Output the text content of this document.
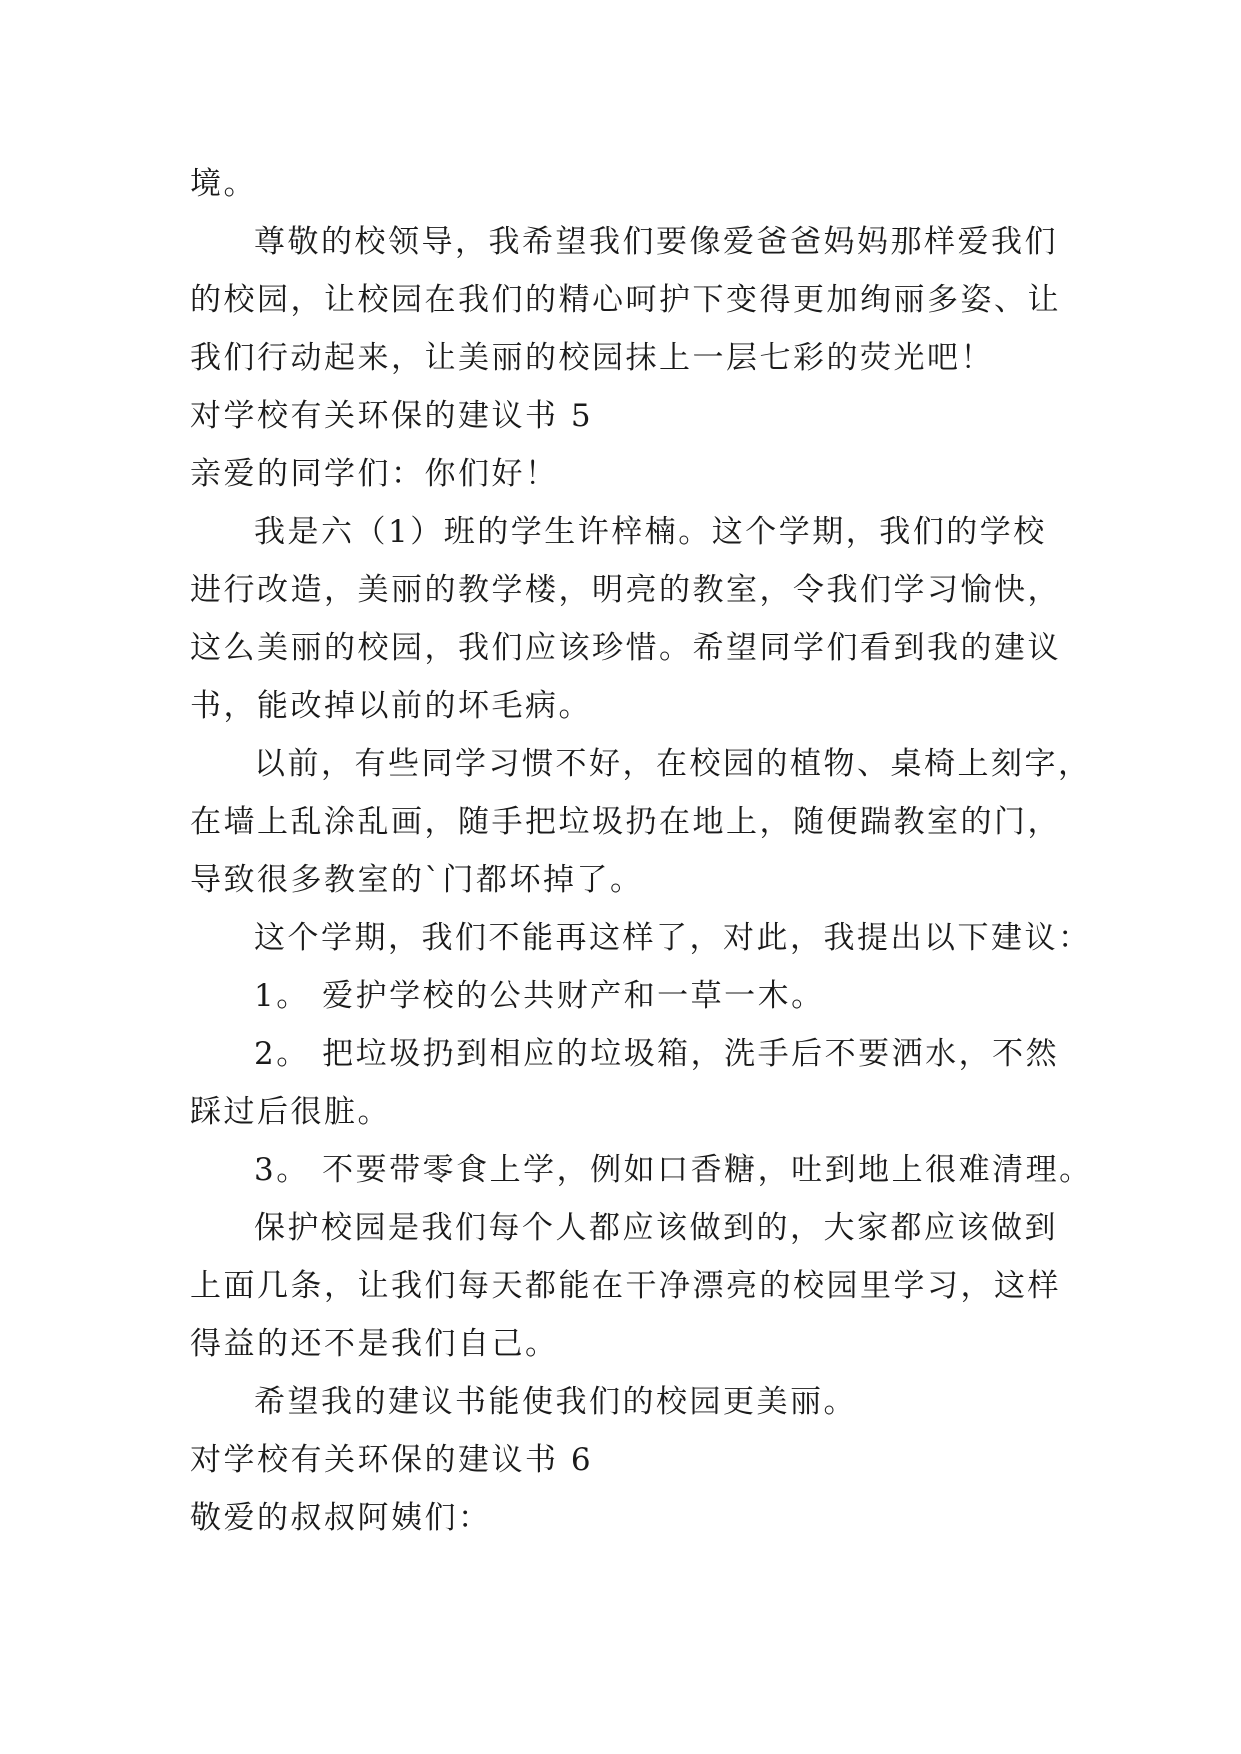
境。
尊敬的校领导，我希望我们要像爱爸爸妈妈那样爱我们
的校园，让校园在我们的精心呵护下变得更加绚丽多姿、让
我们行动起来，让美丽的校园抹上一层七彩的荧光吧！
对学校有关环保的建议书 5
亲爱的同学们：你们好！
我是六（1）班的学生许梓楠。这个学期，我们的学校
进行改造，美丽的教学楼，明亮的教室，令我们学习愉快，
这么美丽的校园，我们应该珍惜。希望同学们看到我的建议
书，能改掉以前的坏毛病。
以前，有些同学习惯不好，在校园的植物、桌椅上刻字，
在墙上乱涂乱画，随手把垃圾扔在地上，随便踹教室的门，
导致很多教室的`门都坏掉了。
这个学期，我们不能再这样了，对此，我提出以下建议：
1。 爱护学校的公共财产和一草一木。
2。 把垃圾扔到相应的垃圾箱，洗手后不要洒水，不然
踩过后很脏。
3。 不要带零食上学，例如口香糖，吐到地上很难清理。
保护校园是我们每个人都应该做到的，大家都应该做到
上面几条，让我们每天都能在干净漂亮的校园里学习，这样
得益的还不是我们自己。
希望我的建议书能使我们的校园更美丽。
对学校有关环保的建议书 6
敬爱的叔叔阿姨们：
